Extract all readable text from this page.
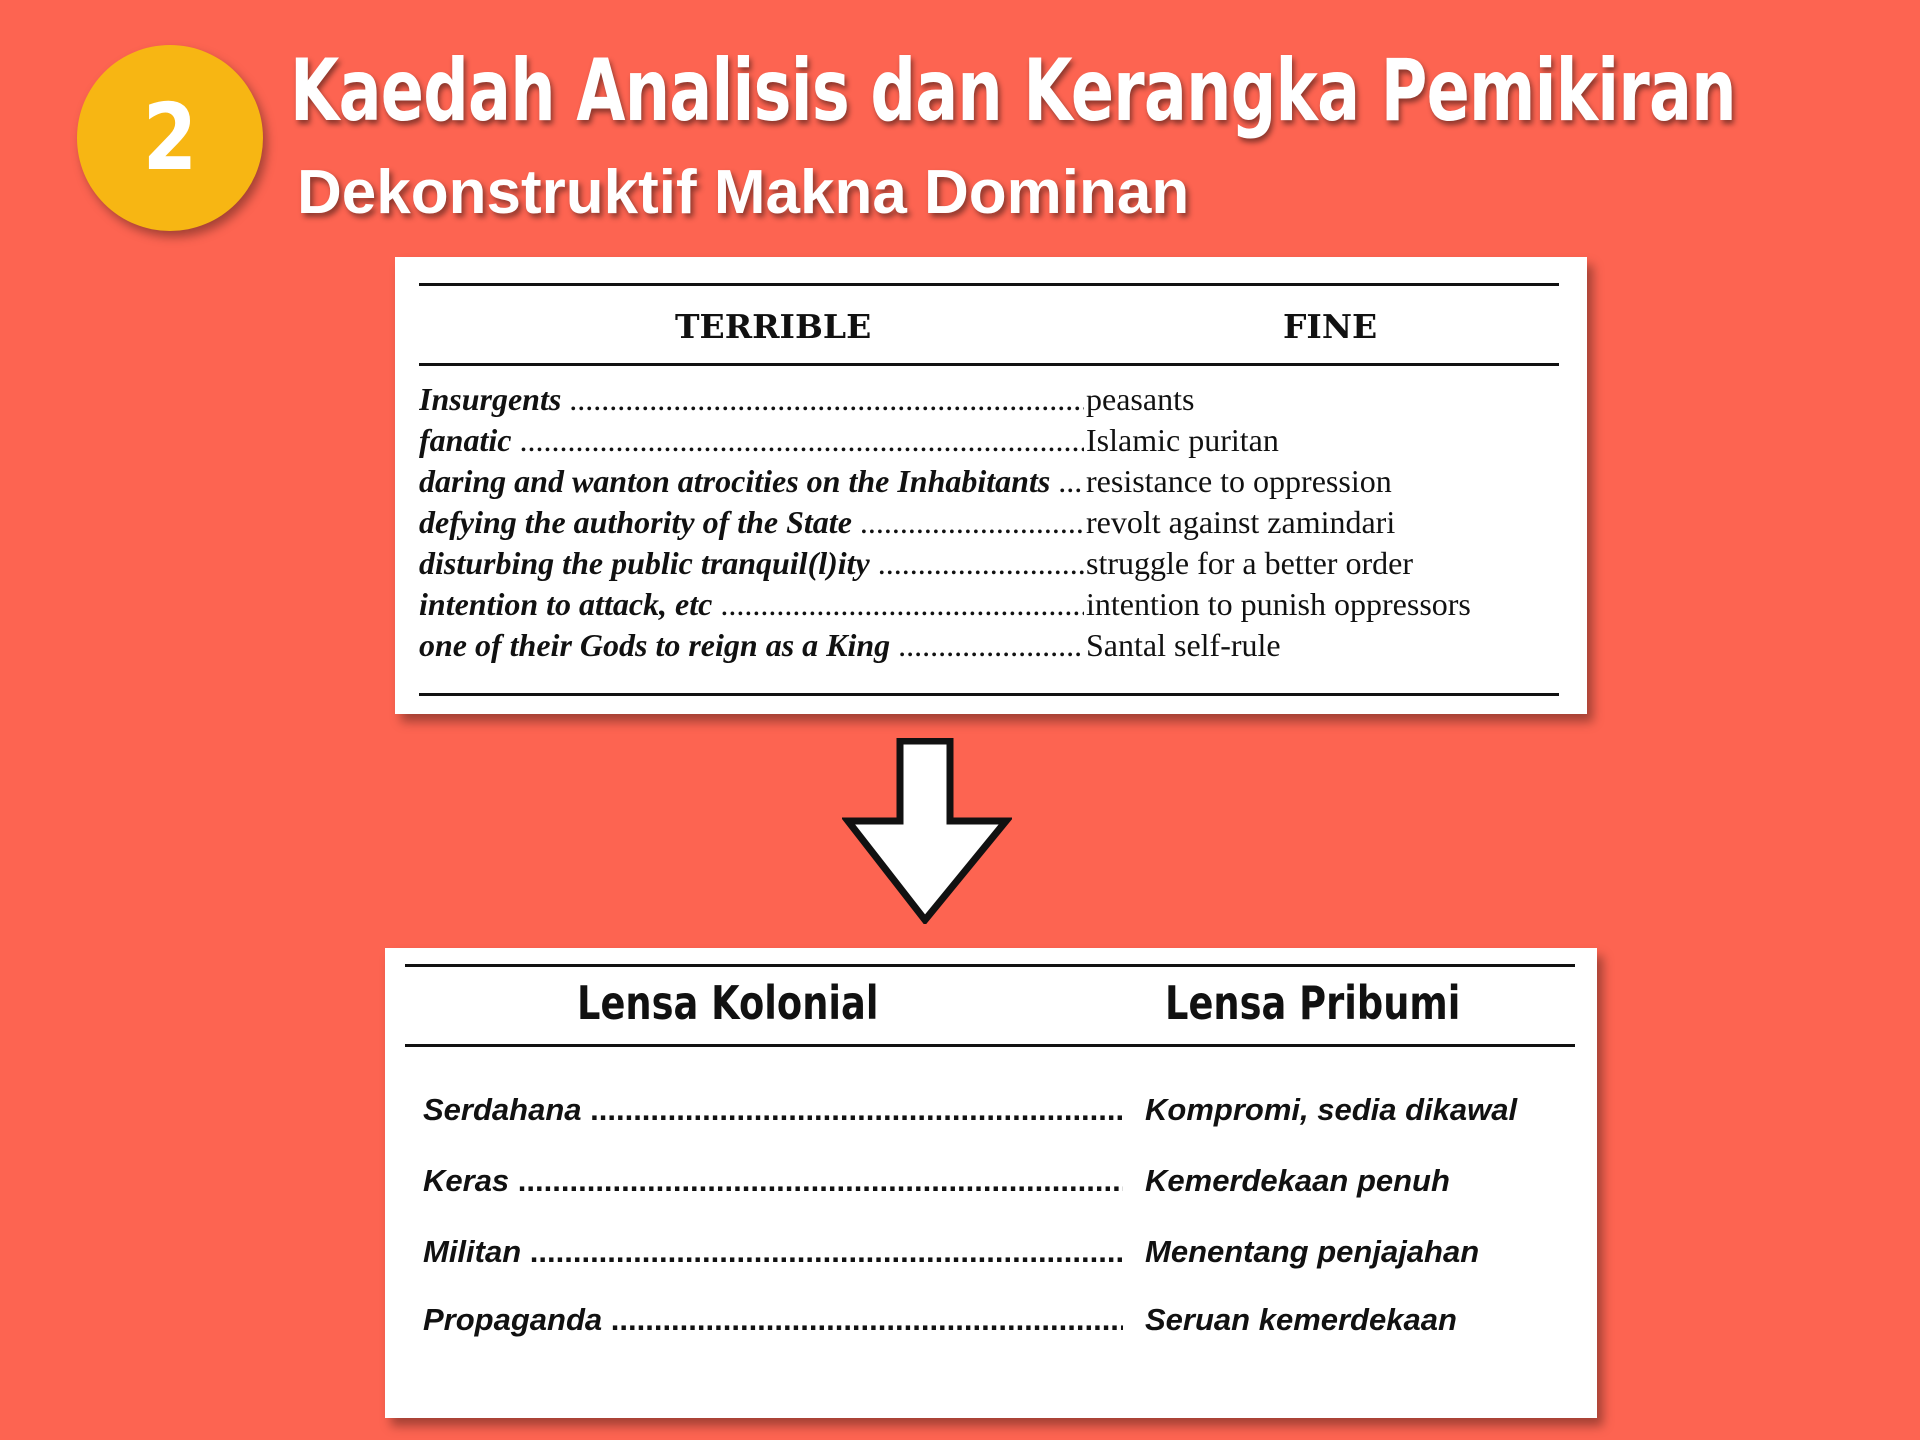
2 Kaedah Analisis dan Kerangka Pemikiran
Dekonstruktif Makna Dominan
TERRIBLE	FINE
Insurgents .....	peasants
fanatic .....	Islamic puritan
daring and wanton atrocities on the Inhabitants .....	resistance to oppression
defying the authority of the State .....	revolt against zamindari
disturbing the public tranquil(l)ity .....	struggle for a better order
intention to attack, etc .....	intention to punish oppressors
one of their Gods to reign as a King .....	Santal self-rule
Lensa Kolonial	Lensa Pribumi
Serdahana .....	Kompromi, sedia dikawal
Keras .....	Kemerdekaan penuh
Militan .....	Menentang penjajahan
Propaganda .....	Seruan kemerdekaan
